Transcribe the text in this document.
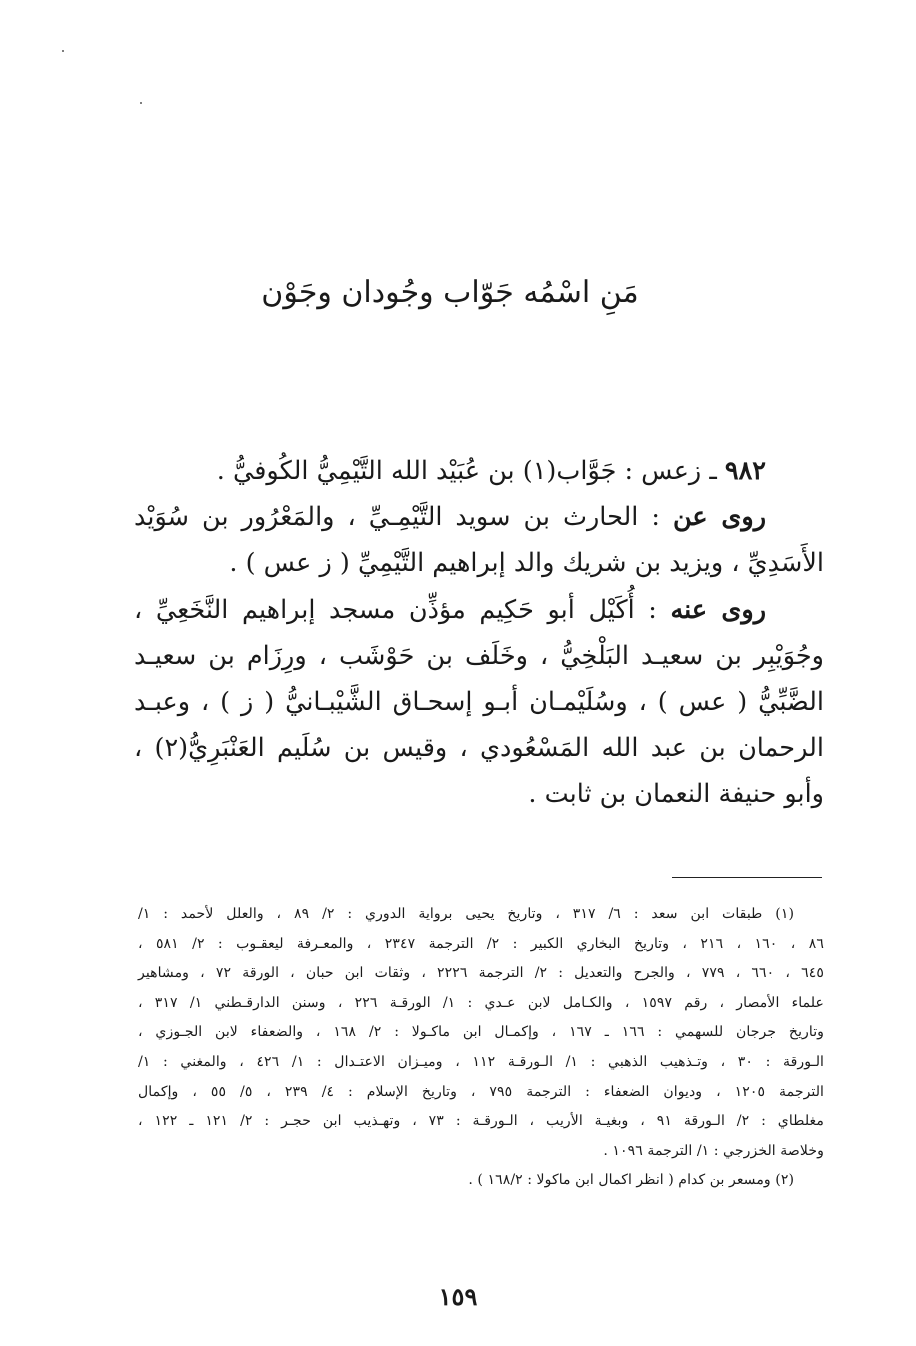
مَنِ اسْمُه جَوّاب وجُودان وجَوْن

٩٨٢ ـ زعس : جَوَّاب(١) بن عُبَيْد الله التَّيْمِيُّ الكُوفيُّ .

روى عن : الحارث بن سويد التَّيْمِـيِّ ، والمَعْرُور بن سُوَيْد
الأَسَدِيِّ ، ويزيد بن شريك والد إبراهيم التَّيْمِيِّ ( ز عس ) .

روى عنه : أُكَيْل أبو حَكِيم مؤذِّن مسجد إبراهيم النَّخَعِيِّ ،
وجُوَيْبِر بن سعيـد البَلْخِيُّ ، وخَلَف بن حَوْشَب ، ورِزَام بن سعيـد
الضَّبِّيُّ ( عس ) ، وسُلَيْمـان أبـو إسحـاق الشَّيْبـانيُّ ( ز ) ، وعبـد
الرحمان بن عبد الله المَسْعُودي ، وقيس بن سُلَيم العَنْبَرِيُّ(٢) ،
وأبو حنيفة النعمان بن ثابت .

(١) طبقات ابن سعد : ٦/ ٣١٧ ، وتاريخ يحيى برواية الدوري : ٢/ ٨٩ ، والعلل لأحمد : ١/
٨٦ ، ١٦٠ ، ٢١٦ ، وتاريخ البخاري الكبير : ٢/ الترجمة ٢٣٤٧ ، والمعـرفة ليعقـوب : ٢/ ٥٨١ ،
٦٤٥ ، ٦٦٠ ، ٧٧٩ ، والجرح والتعديل : ٢/ الترجمة ٢٢٢٦ ، وثقات ابن حبان ، الورقة ٧٢ ، ومشاهير
علماء الأمصار ، رقم ١٥٩٧ ، والكـامل لابن عـدي : ١/ الورقـة ٢٢٦ ، وسنن الدارقـطني ١/ ٣١٧ ،
وتاريخ جرجان للسهمي : ١٦٦ ـ ١٦٧ ، وإكمـال ابن ماكـولا : ٢/ ١٦٨ ، والضعفاء لابن الجـوزي ،
الـورقة : ٣٠ ، وتـذهيب الذهبي : ١/ الـورقـة ١١٢ ، وميـزان الاعتـدال : ١/ ٤٢٦ ، والمغني : ١/
الترجمة ١٢٠٥ ، وديوان الضعفاء : الترجمة ٧٩٥ ، وتاريخ الإسلام : ٤/ ٢٣٩ ، ٥/ ٥٥ ، وإكمال
مغلطاي : ٢/ الـورقة ٩١ ، وبغيـة الأريب ، الـورقـة : ٧٣ ، وتهـذيب ابن حجـر : ٢/ ١٢١ ـ ١٢٢ ،
وخلاصة الخزرجي : ١/ الترجمة ١٠٩٦ .
(٢) ومسعر بن كدام ( انظر اكمال ابن ماكولا : ١٦٨/٢ ) .
١٥٩
